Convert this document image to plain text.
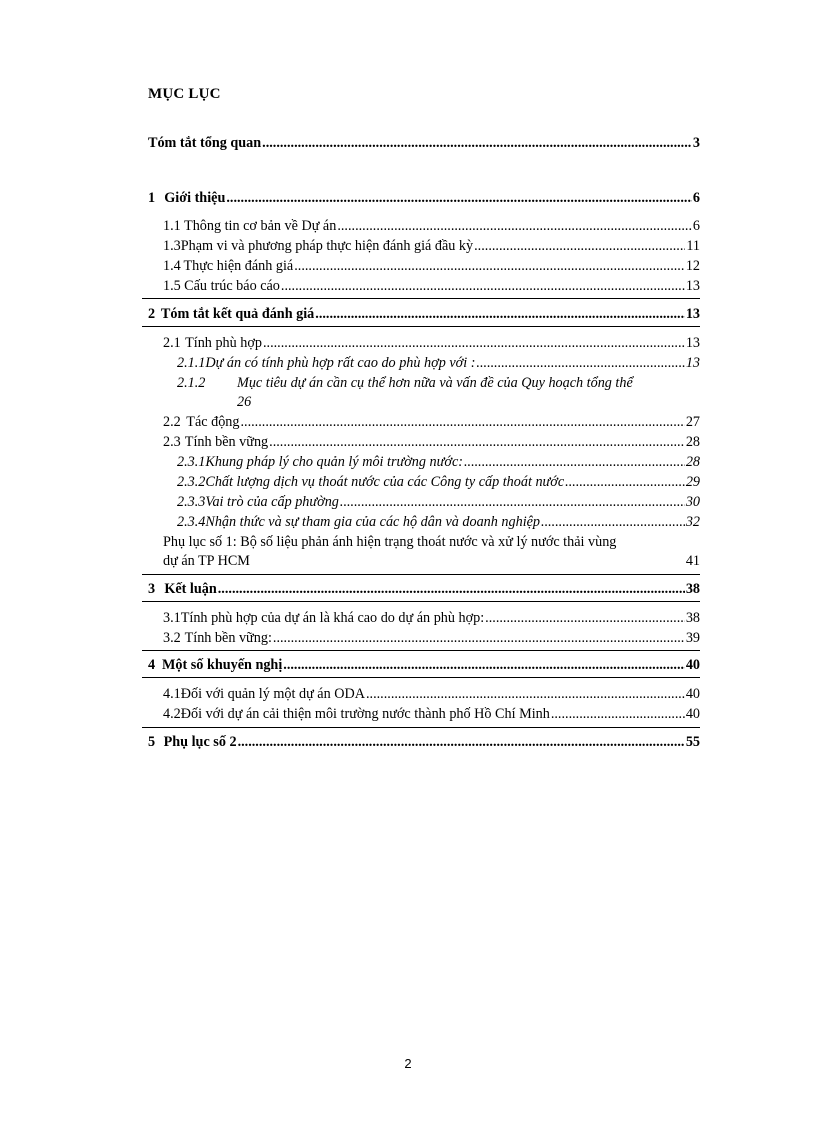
MỤC LỤC
Tóm tắt tổng quan .....	3
1 Giới thiệu .....	6
1.1 Thông tin cơ bản về Dự án .....	6
1.3 Phạm vi và phương pháp thực hiện đánh giá đầu kỳ .....	11
1.4 Thực hiện đánh giá .....	12
1.5 Cấu trúc báo cáo .....	13
2 Tóm tắt kết quả đánh giá .....	13
2.1 Tính phù hợp .....	13
2.1.1 Dự án có tính phù hợp rất cao do phù hợp với : .....	13
2.1.2	Mục tiêu dự án cần cụ thể hơn nữa và vấn đề của Quy hoạch tổng thể
26
2.2 Tác động .....	27
2.3 Tính bền vững .....	28
2.3.1 Khung pháp lý cho quản lý môi trường nước: .....	28
2.3.2 Chất lượng dịch vụ thoát nước của các Công ty cấp thoát nước .....	29
2.3.3 Vai trò của cấp phường .....	30
2.3.4 Nhận thức và sự tham gia của các hộ dân và doanh nghiệp .....	32
Phụ lục số 1: Bộ số liệu phản ánh hiện trạng thoát nước và xử lý nước thải vùng
dự án TP HCM	41
3 Kết luận .....	38
3.1 Tính phù hợp của dự án là khá cao do dự án phù hợp: .....	38
3.2 Tính bền vững: .....	39
4 Một số khuyến nghị .....	40
4.1 Đối với quản lý một dự án ODA .....	40
4.2 Đối với dự án cải thiện môi trường nước thành phố Hồ Chí Minh .....	40
5 Phụ lục số 2 .....	55
2
